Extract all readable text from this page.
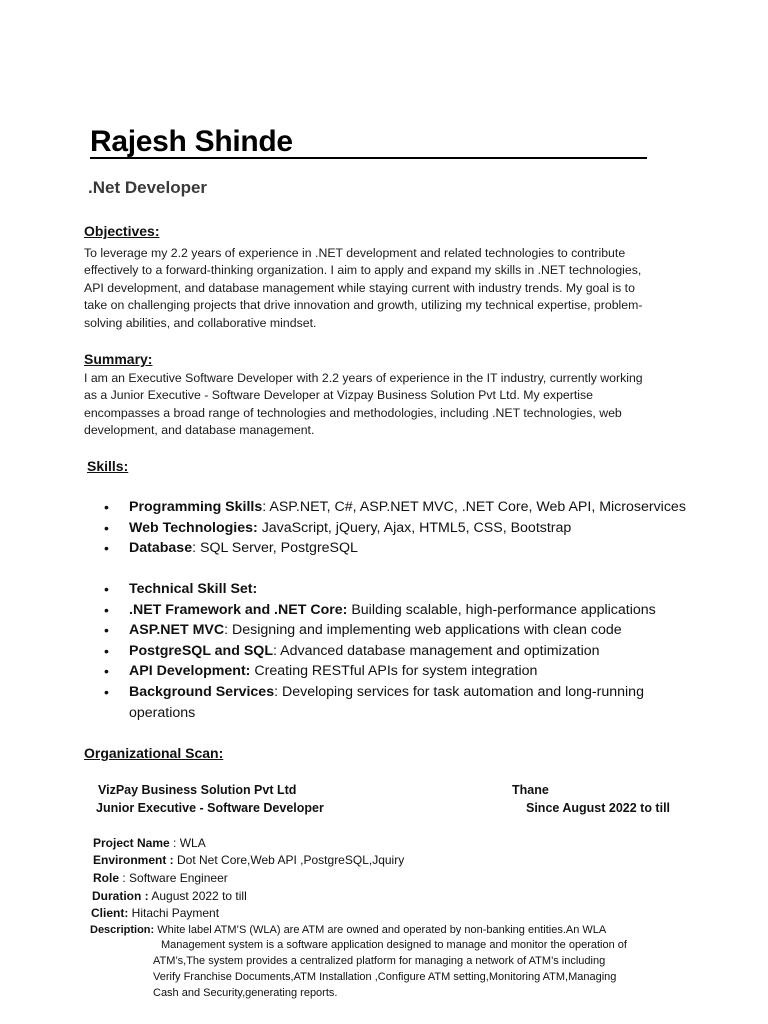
Rajesh Shinde
.Net Developer
Objectives:
To leverage my 2.2 years of experience in .NET development and related technologies to contribute
effectively to a forward-thinking organization. I aim to apply and expand my skills in .NET technologies,
API development, and database management while staying current with industry trends. My goal is to
take on challenging projects that drive innovation and growth, utilizing my technical expertise, problem-
solving abilities, and collaborative mindset.
Summary:
I am an Executive Software Developer with 2.2 years of experience in the IT industry, currently working
as a Junior Executive - Software Developer at Vizpay Business Solution Pvt Ltd. My expertise
encompasses a broad range of technologies and methodologies, including .NET technologies, web
development, and database management.
Skills:
• Programming Skills: ASP.NET, C#, ASP.NET MVC, .NET Core, Web API, Microservices
• Web Technologies: JavaScript, jQuery, Ajax, HTML5, CSS, Bootstrap
• Database: SQL Server, PostgreSQL
• Technical Skill Set:
• .NET Framework and .NET Core: Building scalable, high-performance applications
• ASP.NET MVC: Designing and implementing web applications with clean code
• PostgreSQL and SQL: Advanced database management and optimization
• API Development: Creating RESTful APIs for system integration
• Background Services: Developing services for task automation and long-running
operations
Organizational Scan:
VizPay Business Solution Pvt Ltd	Thane
Junior Executive - Software Developer	Since August 2022 to till
Project Name : WLA
Environment : Dot Net Core,Web API ,PostgreSQL,Jquiry
Role : Software Engineer
Duration : August 2022 to till
Client: Hitachi Payment
Description: White label ATM’S (WLA) are ATM are owned and operated by non-banking entities.An WLA
Management system is a software application designed to manage and monitor the operation of
ATM’s,The system provides a centralized platform for managing a network of ATM’s including
Verify Franchise Documents,ATM Installation ,Configure ATM setting,Monitoring ATM,Managing
Cash and Security,generating reports.
